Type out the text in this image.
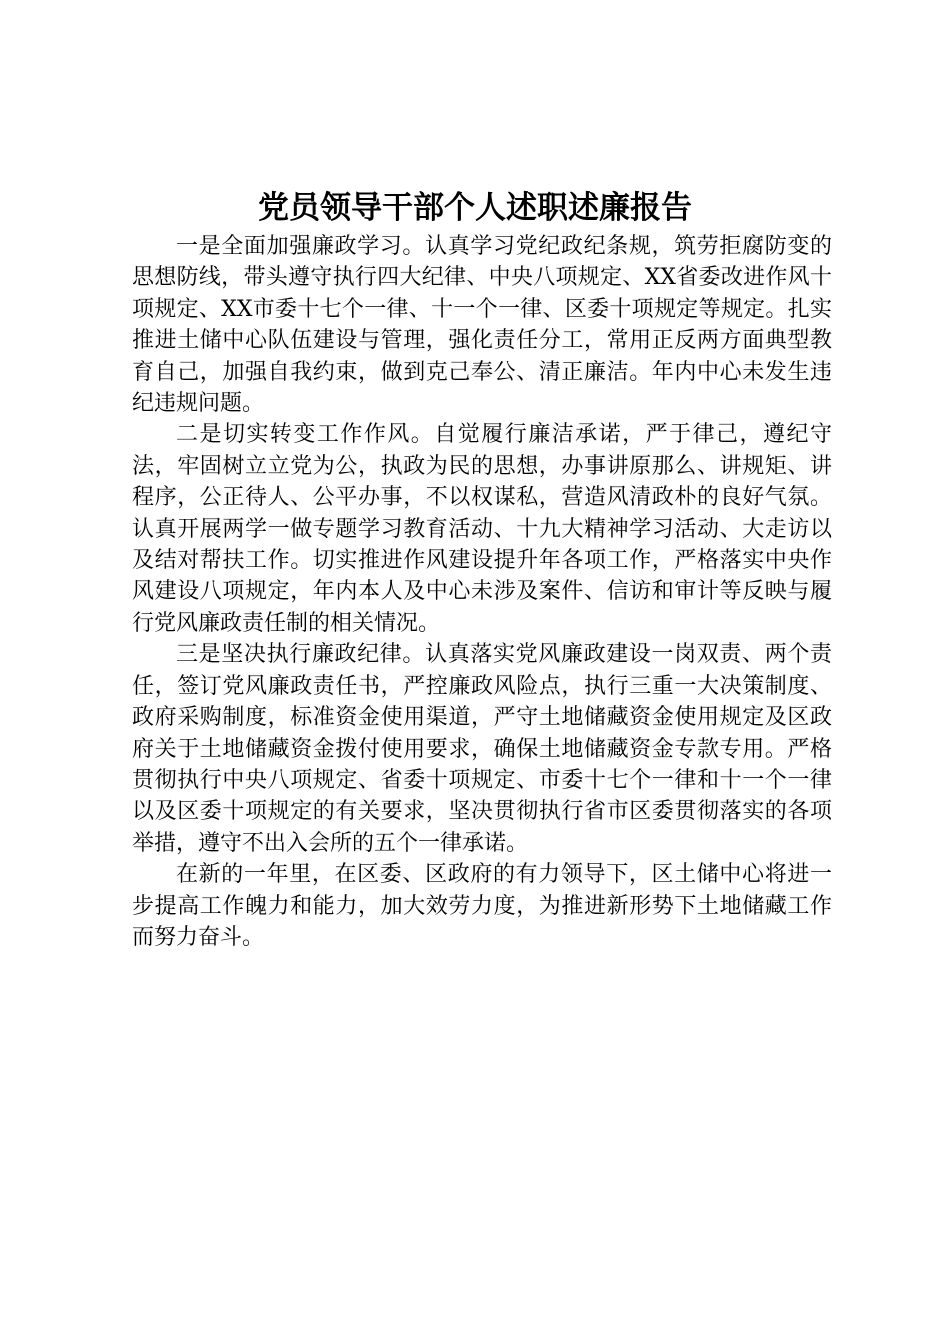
党员领导干部个人述职述廉报告

一是全面加强廉政学习。认真学习党纪政纪条规，筑劳拒腐防变的思想防线，带头遵守执行四大纪律、中央八项规定、XX省委改进作风十项规定、XX市委十七个一律、十一个一律、区委十项规定等规定。扎实推进土储中心队伍建设与管理，强化责任分工，常用正反两方面典型教育自己，加强自我约束，做到克己奉公、清正廉洁。年内中心未发生违纪违规问题。

二是切实转变工作作风。自觉履行廉洁承诺，严于律己，遵纪守法，牢固树立立党为公，执政为民的思想，办事讲原那么、讲规矩、讲程序，公正待人、公平办事，不以权谋私，营造风清政朴的良好气氛。认真开展两学一做专题学习教育活动、十九大精神学习活动、大走访以及结对帮扶工作。切实推进作风建设提升年各项工作，严格落实中央作风建设八项规定，年内本人及中心未涉及案件、信访和审计等反映与履行党风廉政责任制的相关情况。

三是坚决执行廉政纪律。认真落实党风廉政建设一岗双责、两个责任，签订党风廉政责任书，严控廉政风险点，执行三重一大决策制度、政府采购制度，标准资金使用渠道，严守土地储藏资金使用规定及区政府关于土地储藏资金拨付使用要求，确保土地储藏资金专款专用。严格贯彻执行中央八项规定、省委十项规定、市委十七个一律和十一个一律以及区委十项规定的有关要求，坚决贯彻执行省市区委贯彻落实的各项举措，遵守不出入会所的五个一律承诺。

在新的一年里，在区委、区政府的有力领导下，区土储中心将进一步提高工作魄力和能力，加大效劳力度，为推进新形势下土地储藏工作而努力奋斗。
